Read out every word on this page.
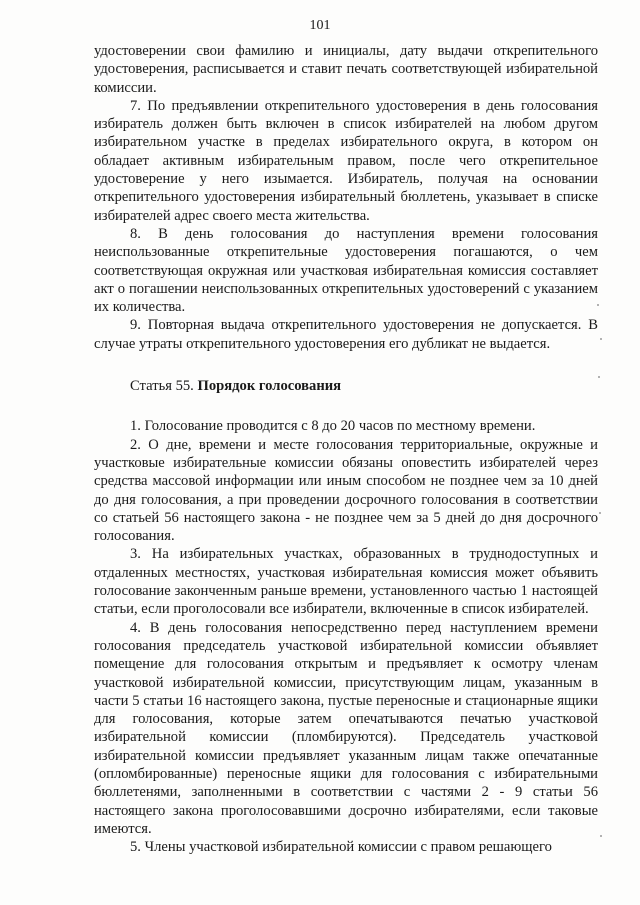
101

удостоверении свои фамилию и инициалы, дату выдачи открепительного удостоверения, расписывается и ставит печать соответствующей избирательной комиссии.

7. По предъявлении открепительного удостоверения в день голосования избиратель должен быть включен в список избирателей на любом другом избирательном участке в пределах избирательного округа, в котором он обладает активным избирательным правом, после чего открепительное удостоверение у него изымается. Избиратель, получая на основании открепительного удостоверения избирательный бюллетень, указывает в списке избирателей адрес своего места жительства.

8. В день голосования до наступления времени голосования неиспользованные открепительные удостоверения погашаются, о чем соответствующая окружная или участковая избирательная комиссия составляет акт о погашении неиспользованных открепительных удостоверений с указанием их количества.

9. Повторная выдача открепительного удостоверения не допускается. В случае утраты открепительного удостоверения его дубликат не выдается.

Статья 55. Порядок голосования

1. Голосование проводится с 8 до 20 часов по местному времени.

2. О дне, времени и месте голосования территориальные, окружные и участковые избирательные комиссии обязаны оповестить избирателей через средства массовой информации или иным способом не позднее чем за 10 дней до дня голосования, а при проведении досрочного голосования в соответствии со статьей 56 настоящего закона - не позднее чем за 5 дней до дня досрочного голосования.

3. На избирательных участках, образованных в труднодоступных и отдаленных местностях, участковая избирательная комиссия может объявить голосование законченным раньше времени, установленного частью 1 настоящей статьи, если проголосовали все избиратели, включенные в список избирателей.

4. В день голосования непосредственно перед наступлением времени голосования председатель участковой избирательной комиссии объявляет помещение для голосования открытым и предъявляет к осмотру членам участковой избирательной комиссии, присутствующим лицам, указанным в части 5 статьи 16 настоящего закона, пустые переносные и стационарные ящики для голосования, которые затем опечатываются печатью участковой избирательной комиссии (пломбируются). Председатель участковой избирательной комиссии предъявляет указанным лицам также опечатанные (опломбированные) переносные ящики для голосования с избирательными бюллетенями, заполненными в соответствии с частями 2 - 9 статьи 56 настоящего закона проголосовавшими досрочно избирателями, если таковые имеются.

5. Члены участковой избирательной комиссии с правом решающего
